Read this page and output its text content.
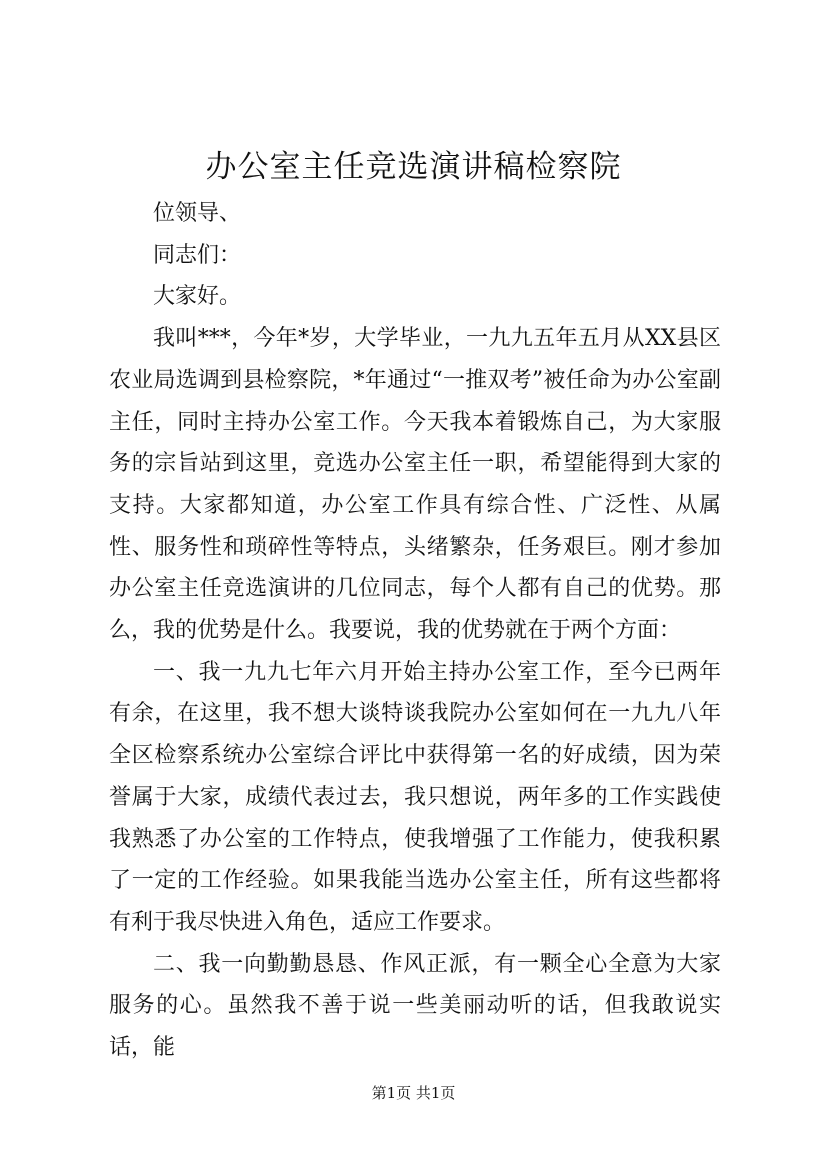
办公室主任竞选演讲稿检察院

位领导、

同志们：

大家好。

我叫***，今年*岁，大学毕业，一九九五年五月从XX县区农业局选调到县检察院，*年通过“一推双考”被任命为办公室副主任，同时主持办公室工作。今天我本着锻炼自己，为大家服务的宗旨站到这里，竞选办公室主任一职，希望能得到大家的支持。大家都知道，办公室工作具有综合性、广泛性、从属性、服务性和琐碎性等特点，头绪繁杂，任务艰巨。刚才参加办公室主任竞选演讲的几位同志，每个人都有自己的优势。那么，我的优势是什么。我要说，我的优势就在于两个方面：

一、我一九九七年六月开始主持办公室工作，至今已两年有余，在这里，我不想大谈特谈我院办公室如何在一九九八年全区检察系统办公室综合评比中获得第一名的好成绩，因为荣誉属于大家，成绩代表过去，我只想说，两年多的工作实践使我熟悉了办公室的工作特点，使我增强了工作能力，使我积累了一定的工作经验。如果我能当选办公室主任，所有这些都将有利于我尽快进入角色，适应工作要求。

二、我一向勤勤恳恳、作风正派，有一颗全心全意为大家服务的心。虽然我不善于说一些美丽动听的话，但我敢说实话，能

第1页 共1页
